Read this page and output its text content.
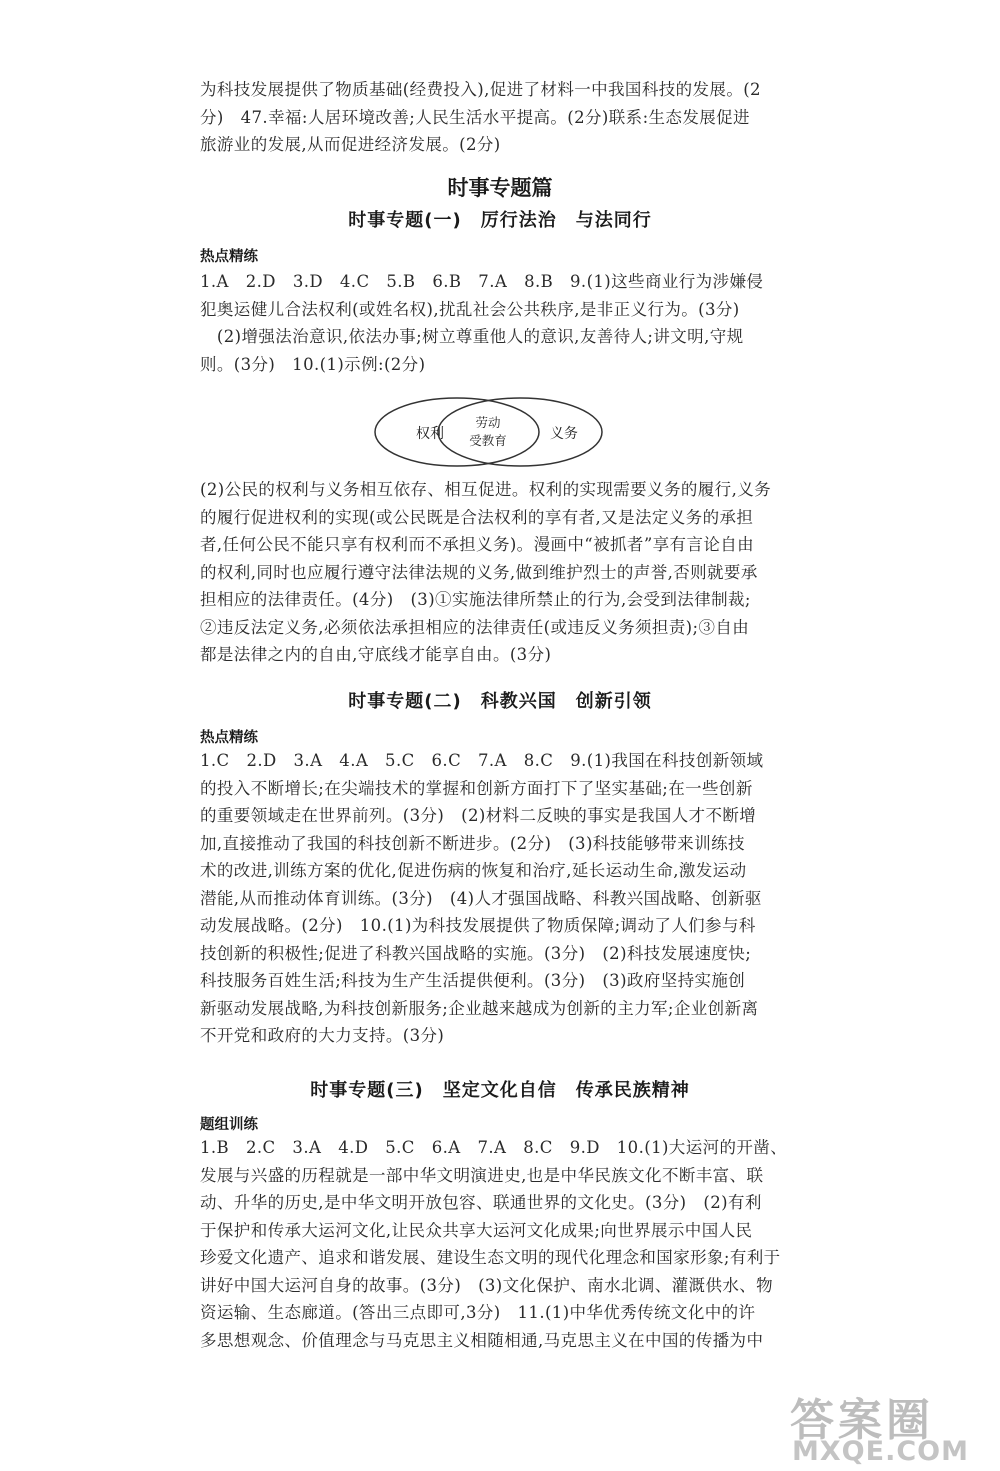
为科技发展提供了物质基础(经费投入),促进了材料一中我国科技的发展。(2

分)　47.幸福:人居环境改善;人民生活水平提高。(2分)联系:生态发展促进

旅游业的发展,从而促进经济发展。(2分)

时事专题篇
时事专题(一)　厉行法治　与法同行
热点精练

1.A　2.D　3.D　4.C　5.B　6.B　7.A　8.B　9.(1)这些商业行为涉嫌侵

犯奥运健儿合法权利(或姓名权),扰乱社会公共秩序,是非正义行为。(3分)

　(2)增强法治意识,依法办事;树立尊重他人的意识,友善待人;讲文明,守规

则。(3分)　10.(1)示例:(2分)

权利
劳动
受教育	义务

(2)公民的权利与义务相互依存、相互促进。权利的实现需要义务的履行,义务

的履行促进权利的实现(或公民既是合法权利的享有者,又是法定义务的承担

者,任何公民不能只享有权利而不承担义务)。漫画中“被抓者”享有言论自由

的权利,同时也应履行遵守法律法规的义务,做到维护烈士的声誉,否则就要承

担相应的法律责任。(4分)　(3)①实施法律所禁止的行为,会受到法律制裁;

②违反法定义务,必须依法承担相应的法律责任(或违反义务须担责);③自由

都是法律之内的自由,守底线才能享自由。(3分)

时事专题(二)　科教兴国　创新引领
热点精练

1.C　2.D　3.A　4.A　5.C　6.C　7.A　8.C　9.(1)我国在科技创新领域

的投入不断增长;在尖端技术的掌握和创新方面打下了坚实基础;在一些创新

的重要领域走在世界前列。(3分)　(2)材料二反映的事实是我国人才不断增

加,直接推动了我国的科技创新不断进步。(2分)　(3)科技能够带来训练技

术的改进,训练方案的优化,促进伤病的恢复和治疗,延长运动生命,激发运动

潜能,从而推动体育训练。(3分)　(4)人才强国战略、科教兴国战略、创新驱

动发展战略。(2分)　10.(1)为科技发展提供了物质保障;调动了人们参与科

技创新的积极性;促进了科教兴国战略的实施。(3分)　(2)科技发展速度快;

科技服务百姓生活;科技为生产生活提供便利。(3分)　(3)政府坚持实施创

新驱动发展战略,为科技创新服务;企业越来越成为创新的主力军;企业创新离

不开党和政府的大力支持。(3分)

时事专题(三)　坚定文化自信　传承民族精神
题组训练

1.B　2.C　3.A　4.D　5.C　6.A　7.A　8.C　9.D　10.(1)大运河的开凿、

发展与兴盛的历程就是一部中华文明演进史,也是中华民族文化不断丰富、联

动、升华的历史,是中华文明开放包容、联通世界的文化史。(3分)　(2)有利

于保护和传承大运河文化,让民众共享大运河文化成果;向世界展示中国人民

珍爱文化遗产、追求和谐发展、建设生态文明的现代化理念和国家形象;有利于

讲好中国大运河自身的故事。(3分)　(3)文化保护、南水北调、灌溉供水、物

资运输、生态廊道。(答出三点即可,3分)　11.(1)中华优秀传统文化中的许

多思想观念、价值理念与马克思主义相随相通,马克思主义在中国的传播为中

答案圈
MXQE.COM
